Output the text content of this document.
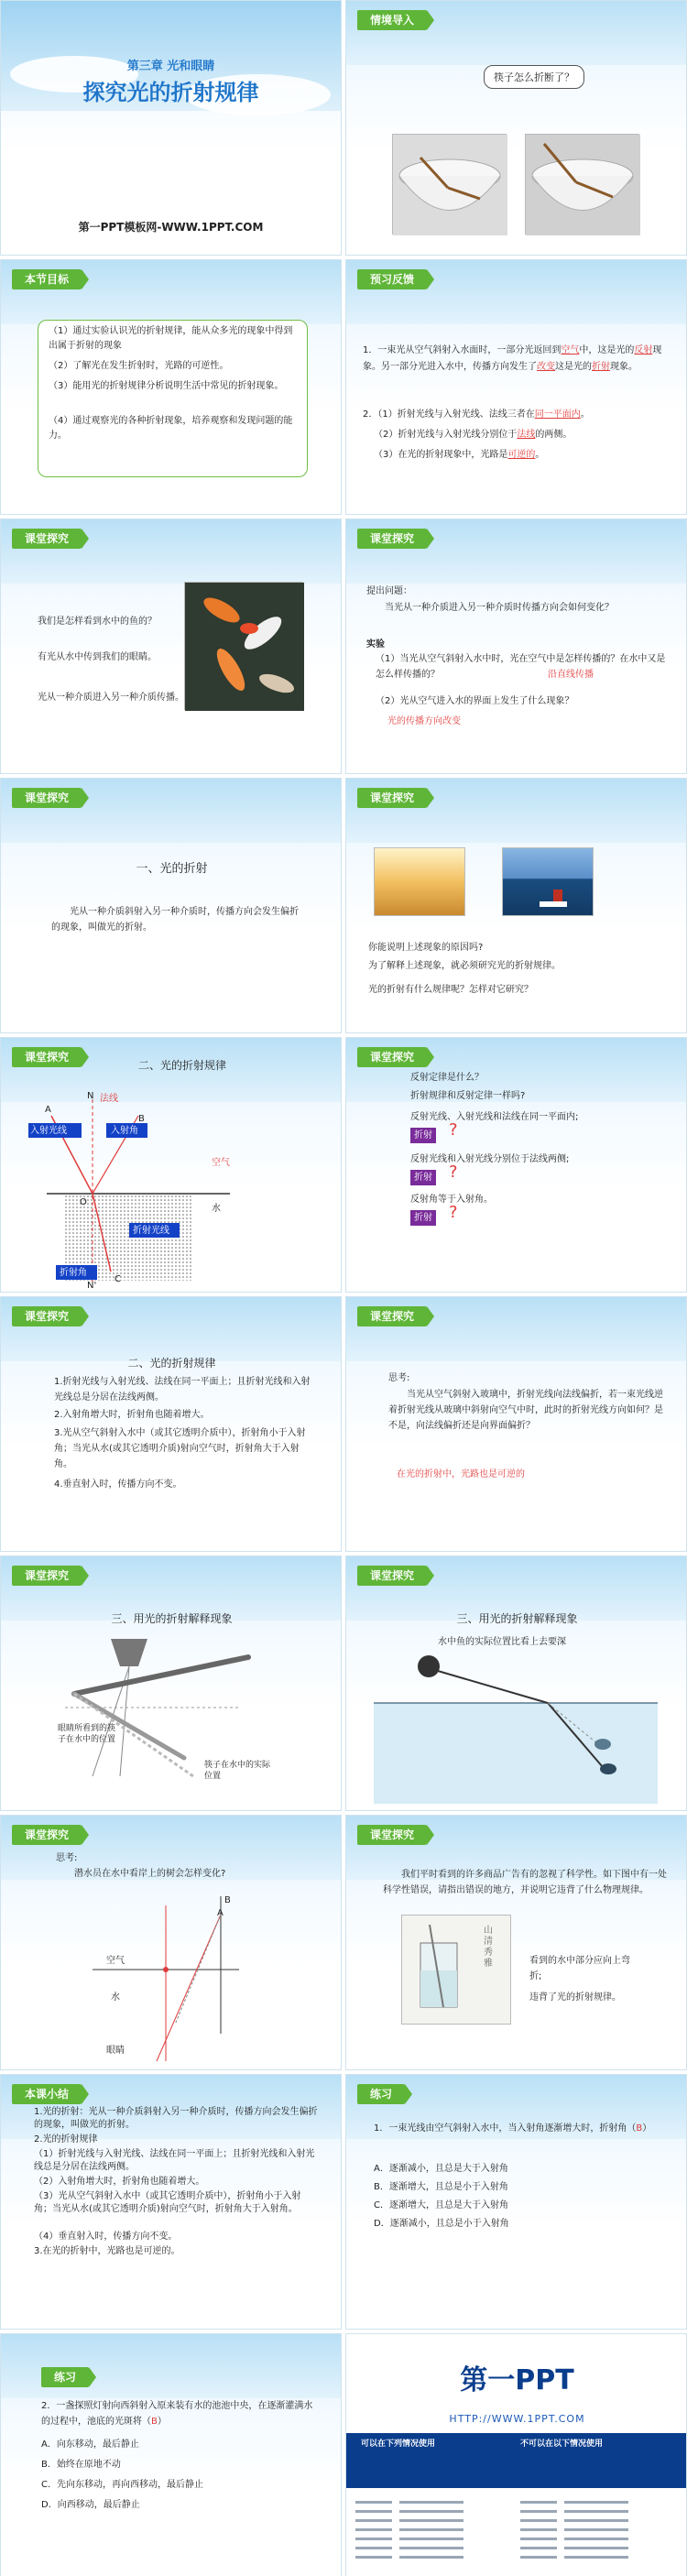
第三章 光和眼睛
探究光的折射规律
第一PPT模板网-WWW.1PPT.COM
情境导入
筷子怎么折断了？
本节目标
（1）通过实验认识光的折射规律，能从众多光的现象中得到出属于折射的现象
（2）了解光在发生折射时，光路的可逆性。
（3）能用光的折射规律分析说明生活中常见的折射现象。
（4）通过观察光的各种折射现象，培养观察和发现问题的能力。
预习反馈
1．一束光从空气斜射入水面时，一部分光返回到空气中，这是光的反射现象。另一部分光进入水中，传播方向发生了改变这是光的折射现象。
2．（1）折射光线与入射光线、法线三者在同一平面内。
（2）折射光线与入射光线分别位于法线的两侧。
（3）在光的折射现象中，光路是可逆的。
课堂探究
我们是怎样看到水中的鱼的？
有光从水中传到我们的眼睛。
光从一种介质进入另一种介质传播。
课堂探究
提出问题：
当光从一种介质进入另一种介质时传播方向会如何变化？
实验
（1）当光从空气斜射入水中时，光在空气中是怎样传播的？在水中又是怎么样传播的？	沿直线传播
（2）光从空气进入水的界面上发生了什么现象？
光的传播方向改变
课堂探究
一、光的折射
光从一种介质斜射入另一种介质时，传播方向会发生偏折的现象，叫做光的折射。
课堂探究
你能说明上述现象的原因吗?
为了解释上述现象，就必须研究光的折射规律。
光的折射有什么规律呢？怎样对它研究？
课堂探究
二、光的折射规律
入射光线	入射角
折射光线
折射角
法线
空气
水
A
O
B
N
C
N'
课堂探究
反射定律是什么？
折射规律和反射定律一样吗?
反射光线、入射光线和法线在同一平面内;
折射 ?
反射光线和入射光线分别位于法线两侧;
折射 ?
反射角等于入射角。
折射 ?
课堂探究
二、光的折射规律
1.折射光线与入射光线、法线在同一平面上；且折射光线和入射光线总是分居在法线两侧。
2.入射角增大时，折射角也随着增大。
3.光从空气斜射入水中（或其它透明介质中），折射角小于入射角；当光从水(或其它透明介质)射向空气时，折射角大于入射角。
4.垂直射入时，传播方向不变。
课堂探究
思考:
当光从空气斜射入玻璃中，折射光线向法线偏折，若一束光线逆着折射光线从玻璃中斜射向空气中时，此时的折射光线方向如何？是不是，向法线偏折还是向界面偏折？
在光的折射中，光路也是可逆的
课堂探究
三、用光的折射解释现象
眼睛所看到的筷子在水中的位置
筷子在水中的实际位置
课堂探究
三、用光的折射解释现象
水中鱼的实际位置比看上去要深
课堂探究
思考:
潜水员在水中看岸上的树会怎样变化?
A
B
空气
水
眼睛
课堂探究
我们平时看到的许多商品广告有的忽视了科学性。如下图中有一处科学性错误，请指出错误的地方，并说明它违背了什么物理规律。
山清秀雅	看到的水中部分应向上弯折;
违背了光的折射规律。
本课小结
1.光的折射：光从一种介质斜射入另一种介质时，传播方向会发生偏折的现象，叫做光的折射。
2.光的折射规律
（1）折射光线与入射光线、法线在同一平面上；且折射光线和入射光线总是分居在法线两侧。
（2）入射角增大时，折射角也随着增大。
（3）光从空气斜射入水中（或其它透明介质中），折射角小于入射角；当光从水(或其它透明介质)射向空气时，折射角大于入射角。
（4）垂直射入时，传播方向不变。
3.在光的折射中，光路也是可逆的。
练习
1．一束光线由空气斜射入水中，当入射角逐渐增大时，折射角（B）
A．逐渐减小，且总是大于入射角
B．逐渐增大，且总是小于入射角
C．逐渐增大，且总是大于入射角
D．逐渐减小，且总是小于入射角
练习
2．一盏探照灯射向西斜射入原来装有水的池池中央，在逐渐灌满水的过程中，池底的光斑将（B）
A．向东移动，最后静止
B．始终在原地不动
C．先向东移动，再向西移动，最后静止
D．向西移动，最后静止
第一PPT
HTTP://WWW.1PPT.COM
可以在下列情况使用	不可以在以下情况使用
